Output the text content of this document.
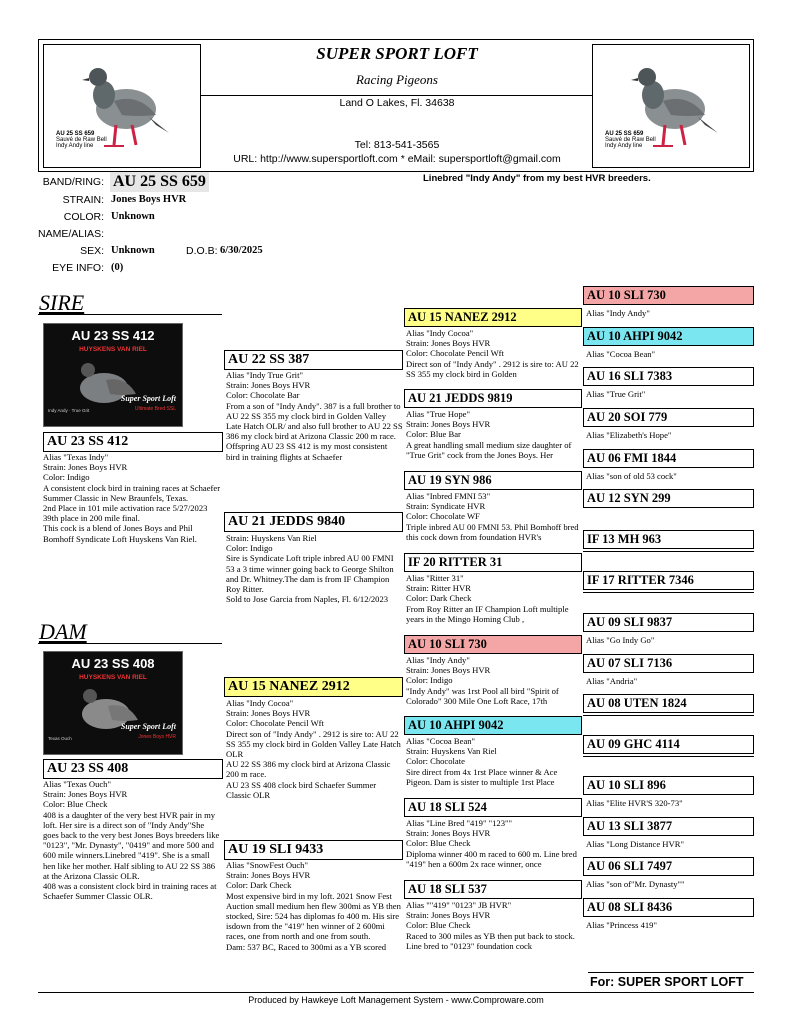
AU 25 SS 659
Sauvé de Raw Bell
Indy Andy line
AU 25 SS 659
Sauvé de Raw Bell
Indy Andy line
SUPER SPORT LOFT
Racing Pigeons
Land O Lakes, Fl. 34638
Tel: 813-541-3565
URL: http://www.supersportloft.com * eMail: supersportloft@gmail.com
BAND/RING: AU 25 SS 659	Linebred "Indy Andy" from my best HVR breeders.
STRAIN: Jones Boys HVR
COLOR: Unknown
NAME/ALIAS:
SEX: Unknown	D.O.B: 6/30/2025
EYE INFO: (0)
SIRE
AU 23 SS 412
HUYSKENS VAN RIEL
Super Sport Loft
Ultimate Bred SSL
Indy Andy · True Grit
AU 23 SS 412
Alias "Texas Indy"
Strain: Jones Boys HVR
Color: Indigo
A consistent clock bird in training races at Schaefer Summer Classic in New Braunfels, Texas.
2nd Place in 101 mile activation race 5/27/2023
39th place in 200 mile final.
This cock is a blend of Jones Boys and Phil Bomhoff Syndicate Loft Huyskens Van Riel.
DAM
AU 23 SS 408
HUYSKENS VAN RIEL
Super Sport Loft
Jones Boys HVR
Texas Ouch
AU 23 SS 408
Alias "Texas Ouch"
Strain: Jones Boys HVR
Color: Blue Check
408 is a daughter of the very best HVR pair in my loft. Her sire is a direct son of "Indy Andy"She goes back to the very best Jones Boys breeders like "0123", "Mr. Dynasty", "0419" and more 500 and 600 mile winners.Linebred "419". She is a small hen like her mother. Half sibling to AU 22 SS 386 at the Arizona Classic OLR.
408 was a consistent clock bird in training races at Schaefer Summer Classic OLR.
AU 22 SS 387
Alias "Indy True Grit"
Strain: Jones Boys HVR
Color: Chocolate Bar
From a son of "Indy Andy". 387 is a full brother to AU 22 SS 355 my clock bird in Golden Valley Late Hatch OLR/ and also full brother to AU 22 SS 386 my clock bird at Arizona Classic 200 m race.
Offspring AU 23 SS 412 is my most consistent bird in training flights at Schaefer
AU 21 JEDDS 9840
Strain: Huyskens Van Riel
Color: Indigo
Sire is Syndicate Loft triple inbred AU 00 FMNI 53 a 3 time winner going back to George Shilton and Dr. Whitney.The dam is from IF Champion Roy Ritter.
Sold to Jose Garcia from Naples, Fl. 6/12/2023
AU 15 NANEZ 2912
Alias "Indy Cocoa"
Strain: Jones Boys HVR
Color: Chocolate Pencil Wft
Direct son of "Indy Andy" . 2912 is sire to: AU 22 SS 355 my clock bird in Golden Valley Late Hatch OLR
AU 22 SS 386 my clock bird at Arizona Classic 200 m race.
AU 23 SS 408 clock bird Schaefer Summer Classic OLR
AU 19 SLI 9433
Alias "SnowFest Ouch"
Strain: Jones Boys HVR
Color: Dark Check
Most expensive bird in my loft. 2021 Snow Fest Auction small medium hen flew 300mi as YB then stocked, Sire: 524 has diplomas fo 400 m. His sire isdown from the "419" hen winner of 2 600mi races, one from north and one from south.
Dam: 537 BC, Raced to 300mi as a YB scored
AU 15 NANEZ 2912
Alias "Indy Cocoa"
Strain: Jones Boys HVR
Color: Chocolate Pencil Wft
Direct son of "Indy Andy" . 2912 is sire to: AU 22 SS 355 my clock bird in Golden
AU 21 JEDDS 9819
Alias "True Hope"
Strain: Jones Boys HVR
Color: Blue Bar
A great handling small medium size daughter of "True Grit" cock from the Jones Boys. Her
AU 19 SYN 986
Alias "Inbred FMNI 53"
Strain: Syndicate HVR
Color: Chocolate WF
Triple inbred AU 00 FMNI 53. Phil Bomhoff bred this cock down from foundation HVR's
IF 20 RITTER 31
Alias "Ritter 31"
Strain: Ritter HVR
Color: Dark Check
From Roy Ritter an IF Champion Loft multiple years in the Mingo Homing Club ,
AU 10 SLI 730
Alias "Indy Andy"
Strain: Jones Boys HVR
Color: Indigo
"Indy Andy" was 1rst Pool all bird "Spirit of Colorado" 300 Mile One Loft Race, 17th
AU 10 AHPI 9042
Alias "Cocoa Bean"
Strain: Huyskens Van Riel
Color: Chocolate
Sire direct from 4x 1rst Place winner & Ace Pigeon. Dam is sister to multiple 1rst Place
AU 18 SLI 524
Alias "Line Bred "419" "123""
Strain: Jones Boys HVR
Color: Blue Check
Diploma winner 400 m raced to 600 m. Line bred "419" hen a 600m 2x race winner, once
AU 18 SLI 537
Alias ""419" "0123" JB HVR"
Strain: Jones Boys HVR
Color: Blue Check
Raced to 300 miles as YB then put back to stock. Line bred to "0123" foundation cock
AU 10 SLI 730
Alias "Indy Andy"
AU 10 AHPI 9042
Alias "Cocoa Bean"
AU 16 SLI 7383
Alias "True Grit"
AU 20 SOI 779
Alias "Elizabeth's Hope"
AU 06 FMI 1844
Alias "son of old 53 cock"
AU 12 SYN 299
IF 13 MH 963
IF 17 RITTER 7346
AU 09 SLI 9837
Alias "Go Indy Go"
AU 07 SLI 7136
Alias "Andria"
AU 08 UTEN 1824
AU 09 GHC 4114
AU 10 SLI 896
Alias "Elite HVR'S 320-73"
AU 13 SLI 3877
Alias "Long Distance HVR"
AU 06 SLI 7497
Alias "son of"Mr. Dynasty""
AU 08 SLI 8436
Alias "Princess 419"
For: SUPER SPORT LOFT
Produced by Hawkeye Loft Management System - www.Comproware.com
